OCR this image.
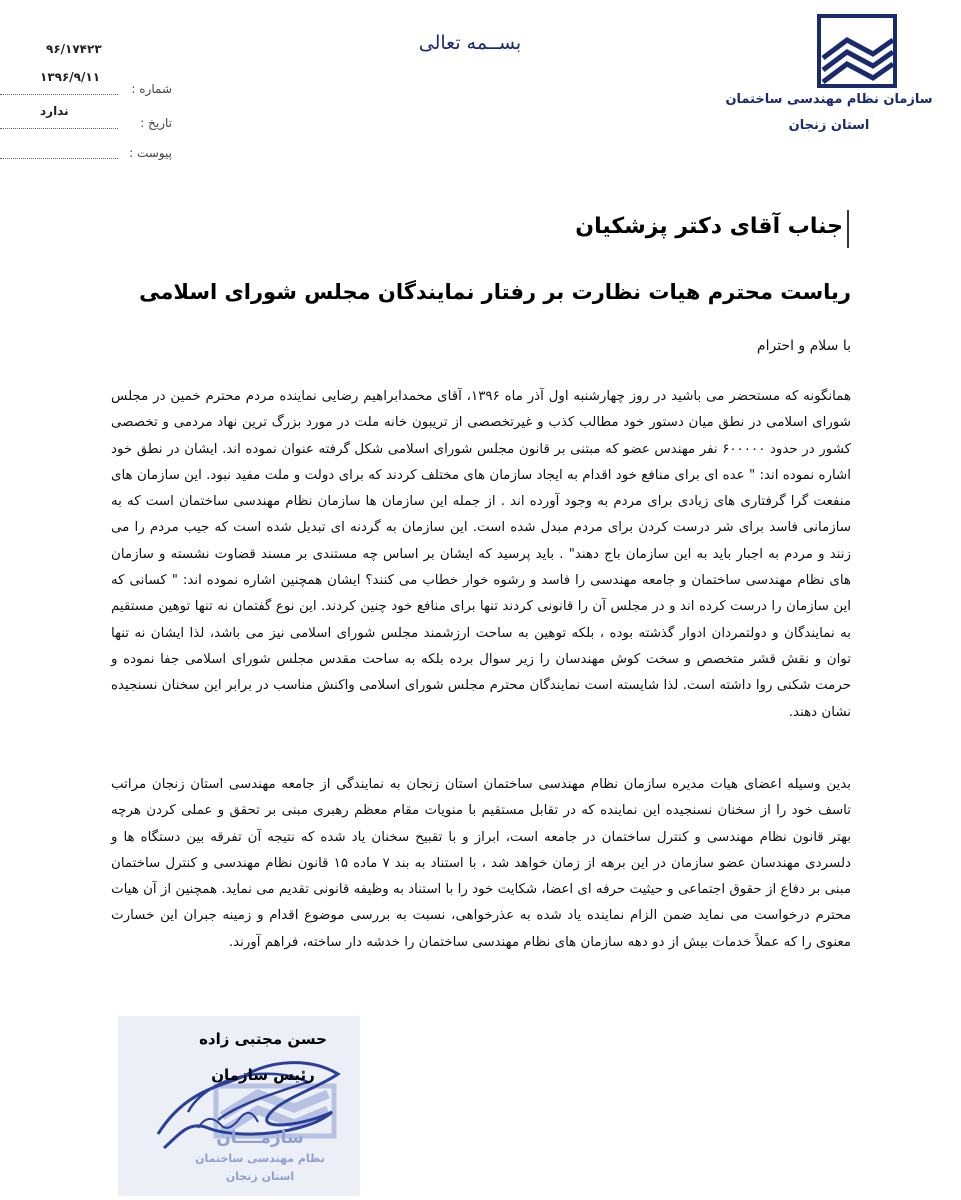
بســمه تعالی
سازمان نظام مهندسی ساختمان
استان زنجان
۹۶/۱۷۴۲۳
شماره :
۱۳۹۶/۹/۱۱
تاریخ :
ندارد
پیوست :
جناب آقای دکتر پزشکیان
ریاست محترم هیات نظارت بر رفتار نمایندگان مجلس شورای اسلامی
با سلام و احترام
همانگونه که مستحضر می باشید در روز چهارشنبه اول آذر ماه ۱۳۹۶، آقای محمدابراهیم رضایی نماینده مردم محترم خمین در مجلس شورای اسلامی در نطق میان دستور خود مطالب کذب و غیرتخصصی از تریبون خانه ملت در مورد بزرگ ترین نهاد مردمی و تخصصی کشور در حدود ۶۰۰۰۰۰ نفر مهندس عضو که مبتنی بر قانون مجلس شورای اسلامی شکل گرفته عنوان نموده اند. ایشان در نطق خود اشاره نموده اند: " عده ای برای منافع خود اقدام به ایجاد سازمان های مختلف کردند که برای دولت و ملت مفید نبود. این سازمان های منفعت گرا گرفتاری های زیادی برای مردم به وجود آورده اند . از جمله این سازمان ها سازمان نظام مهندسی ساختمان است که به سازمانی فاسد برای شر درست کردن برای مردم مبدل شده است. این سازمان به گردنه ای تبدیل شده است که جیب مردم را می زنند و مردم به اجبار باید به این سازمان باج دهند" . باید پرسید که ایشان بر اساس چه مستندی بر مسند قضاوت نشسته و سازمان های نظام مهندسی ساختمان و جامعه مهندسی را فاسد و رشوه خوار خطاب می کنند؟ ایشان همچنین اشاره نموده اند: " کسانی که این سازمان را درست کرده اند و در مجلس آن را قانونی کردند تنها برای منافع خود چنین کردند. این نوع گفتمان نه تنها توهین مستقیم به نمایندگان و دولتمردان ادوار گذشته بوده ، بلکه توهین به ساحت ارزشمند مجلس شورای اسلامی نیز می باشد، لذا ایشان نه تنها توان و نقش قشر متخصص و سخت کوش مهندسان را زیر سوال برده بلکه به ساحت مقدس مجلس شورای اسلامی جفا نموده و حرمت شکنی روا داشته است. لذا شایسته است نمایندگان محترم مجلس شورای اسلامی واکنش مناسب در برابر این سخنان نسنجیده نشان دهند.
بدین وسیله اعضای هیات مدیره سازمان نظام مهندسی ساختمان استان زنجان به نمایندگی از جامعه مهندسی استان زنجان مراتب تاسف خود را از سخنان نسنجیده این نماینده که در تقابل مستقیم با منویات مقام معظم رهبری مبنی بر تحقق و عملی کردن هرچه بهتر قانون نظام مهندسی و کنترل ساختمان در جامعه است، ابراز و با تقبیح سخنان یاد شده که نتیجه آن تفرقه بین دستگاه ها و دلسردی مهندسان عضو سازمان در این برهه از زمان خواهد شد ، با استناد به بند ۷ ماده ۱۵ قانون نظام مهندسی و کنترل ساختمان مبنی بر دفاع از حقوق اجتماعی و حیثیت حرفه ای اعضا، شکایت خود را با استناد به وظیفه قانونی تقدیم می نماید. همچنین از آن هیات محترم درخواست می نماید ضمن الزام نماینده یاد شده به عذرخواهی، نسبت به بررسی موضوع اقدام و زمینه جبران این خسارت معنوی را که عملاً خدمات بیش از دو دهه سازمان های نظام مهندسی ساختمان را خدشه دار ساخته، فراهم آورند.
حسن مجتبی زاده
رئیس سازمان
سازمــــان
نظام مهندسی ساختمان
استان زنجان
